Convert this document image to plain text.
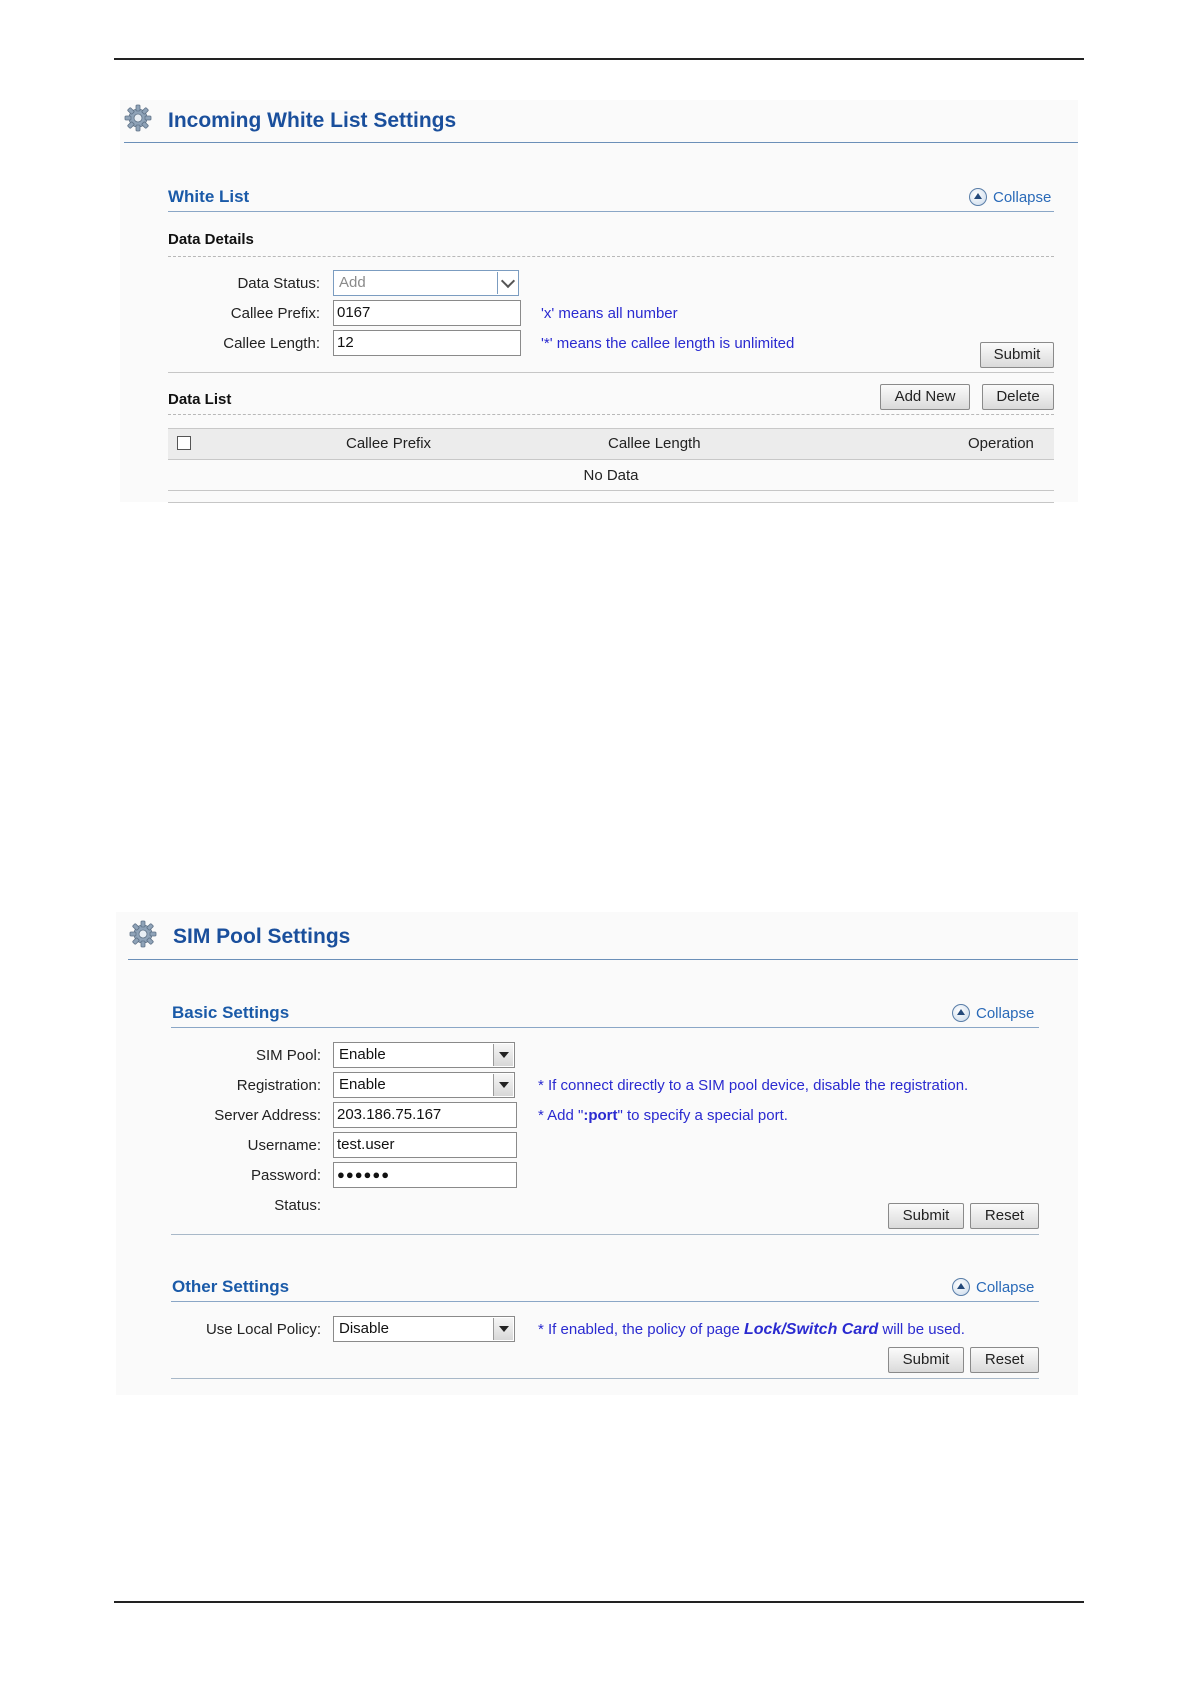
Incoming White List Settings
White List	Collapse
Data Details
Data Status: Add
Callee Prefix: 0167	'x' means all number
Callee Length: 12	'*' means the callee length is unlimited
Submit
Data List	Add New	Delete
Callee Prefix	Callee Length	Operation
No Data
SIM Pool Settings
Basic Settings	Collapse
SIM Pool: Enable
Registration: Enable	* If connect directly to a SIM pool device, disable the registration.
Server Address: 203.186.75.167	* Add ":port" to specify a special port.
Username: test.user
Password:	●●●●●●
Status:
Submit	Reset
Other Settings	Collapse
Use Local Policy: Disable	* If enabled, the policy of page Lock/Switch Card will be used.
Submit	Reset
